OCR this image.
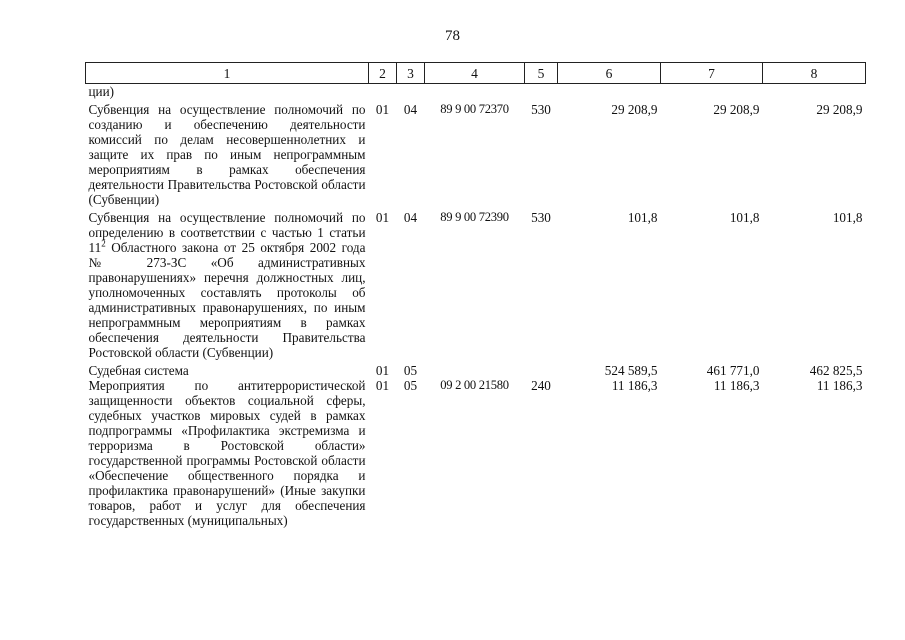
78
1	2	3	4	5	6	7	8
ции)							
Субвенция на осуществление полномочий по созданию и обеспечению деятельности комиссий по делам несовершеннолетних и защите их прав по иным непрограммным мероприятиям в рамках обеспечения деятельности Правительства Ростовской области (Субвенции)	01	04	89 9 00 72370	530	29 208,9	29 208,9	29 208,9
Субвенция на осуществление полномочий по определению в соответствии с частью 1 статьи $11^2$ Областного закона от 25 октября 2002 года № 273-ЗС «Об административных правонарушениях» перечня должностных лиц, уполномоченных составлять протоколы об административных правонарушениях, по иным непрограммным мероприятиям в рамках обеспечения деятельности Правительства Ростовской области (Субвенции)	01	04	89 9 00 72390	530	101,8	101,8	101,8
Судебная система	01	05			524 589,5	461 771,0	462 825,5
Мероприятия по антитеррористической защищенности объектов социальной сферы, судебных участков мировых судей в рамках подпрограммы «Профилактика экстремизма и терроризма в Ростовской области» государственной программы Ростовской области «Обеспечение общественного порядка и профилактика правонарушений» (Иные закупки товаров, работ и услуг для обеспечения государственных (муниципальных)	01	05	09 2 00 21580	240	11 186,3	11 186,3	11 186,3
